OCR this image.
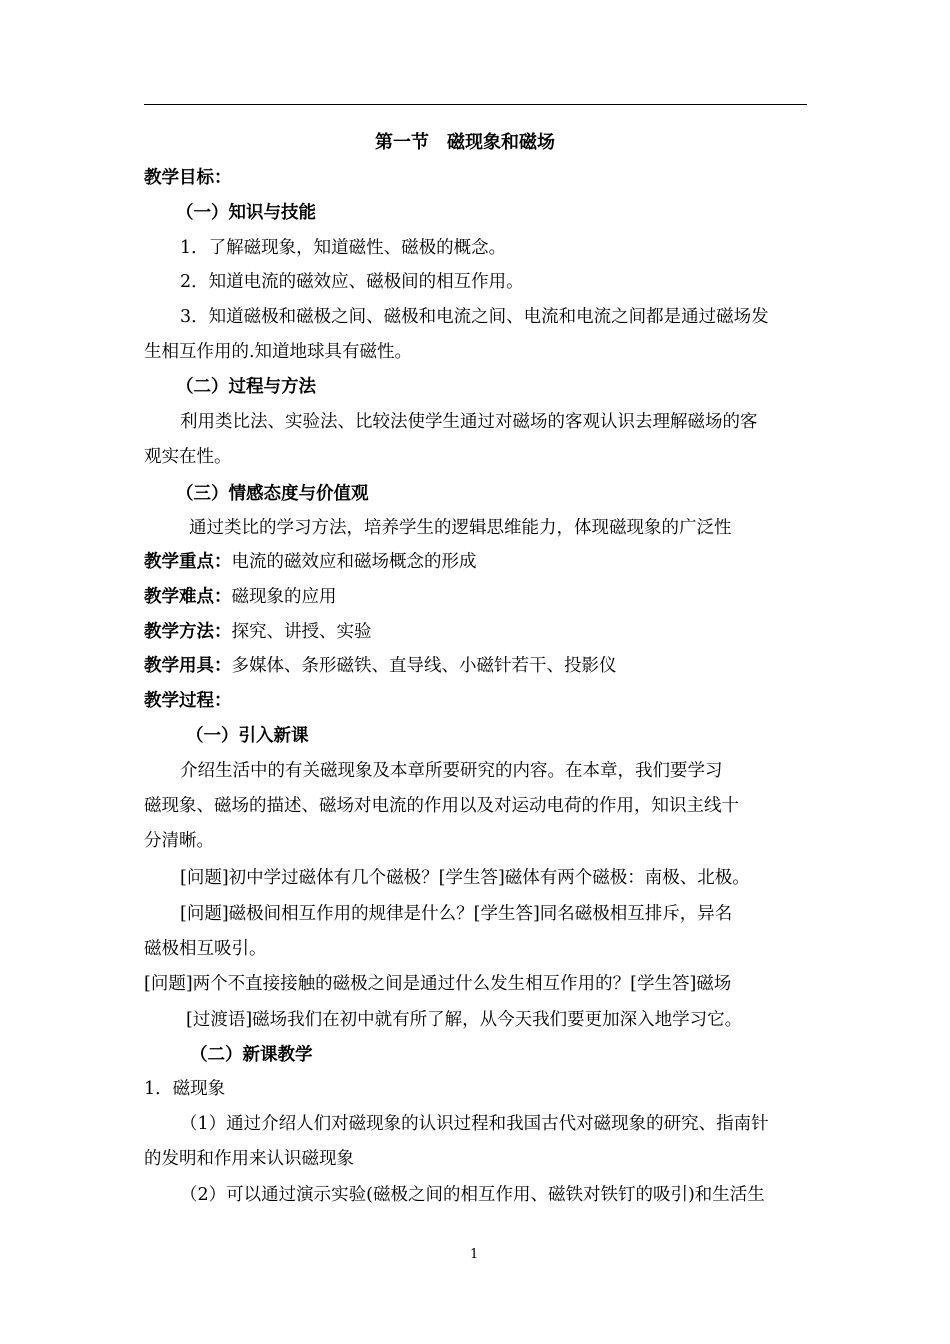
第一节　磁现象和磁场
教学目标：
（一）知识与技能
1．了解磁现象，知道磁性、磁极的概念。
2．知道电流的磁效应、磁极间的相互作用。
3．知道磁极和磁极之间、磁极和电流之间、电流和电流之间都是通过磁场发
生相互作用的.知道地球具有磁性。
（二）过程与方法
利用类比法、实验法、比较法使学生通过对磁场的客观认识去理解磁场的客
观实在性。
（三）情感态度与价值观
通过类比的学习方法，培养学生的逻辑思维能力，体现磁现象的广泛性
教学重点：电流的磁效应和磁场概念的形成
教学难点：磁现象的应用
教学方法：探究、讲授、实验
教学用具：多媒体、条形磁铁、直导线、小磁针若干、投影仪
教学过程：
（一）引入新课
介绍生活中的有关磁现象及本章所要研究的内容。在本章，我们要学习
磁现象、磁场的描述、磁场对电流的作用以及对运动电荷的作用，知识主线十
分清晰。
[问题]初中学过磁体有几个磁极？[学生答]磁体有两个磁极：南极、北极。
[问题]磁极间相互作用的规律是什么？[学生答]同名磁极相互排斥，异名
磁极相互吸引。
[问题]两个不直接接触的磁极之间是通过什么发生相互作用的？[学生答]磁场
[过渡语]磁场我们在初中就有所了解，从今天我们要更加深入地学习它。
（二）新课教学
1．磁现象
（1）通过介绍人们对磁现象的认识过程和我国古代对磁现象的研究、指南针
的发明和作用来认识磁现象
（2）可以通过演示实验(磁极之间的相互作用、磁铁对铁钉的吸引)和生活生
1
